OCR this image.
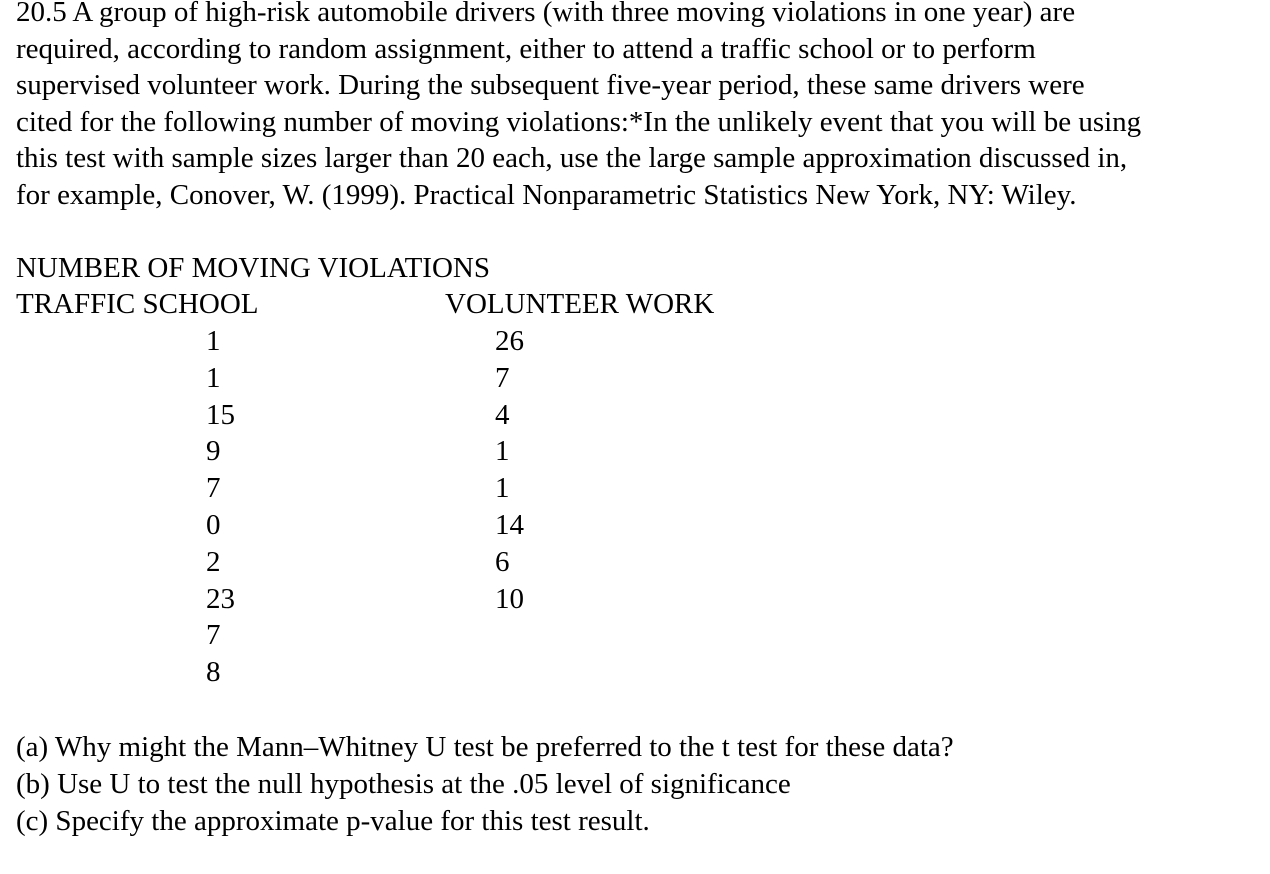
20.5 A group of high-risk automobile drivers (with three moving violations in one year) are
required, according to random assignment, either to attend a traffic school or to perform
supervised volunteer work. During the subsequent five-year period, these same drivers were
cited for the following number of moving violations:*In the unlikely event that you will be using
this test with sample sizes larger than 20 each, use the large sample approximation discussed in,
for example, Conover, W. (1999). Practical Nonparametric Statistics New York, NY: Wiley.
NUMBER OF MOVING VIOLATIONS
TRAFFIC SCHOOL	VOLUNTEER WORK
1
1
15
9
7
0
2
23
7
8
26
7
4
1
1
14
6
10
(a) Why might the Mann–Whitney U test be preferred to the t test for these data?
(b) Use U to test the null hypothesis at the .05 level of significance
(c) Specify the approximate p-value for this test result.
